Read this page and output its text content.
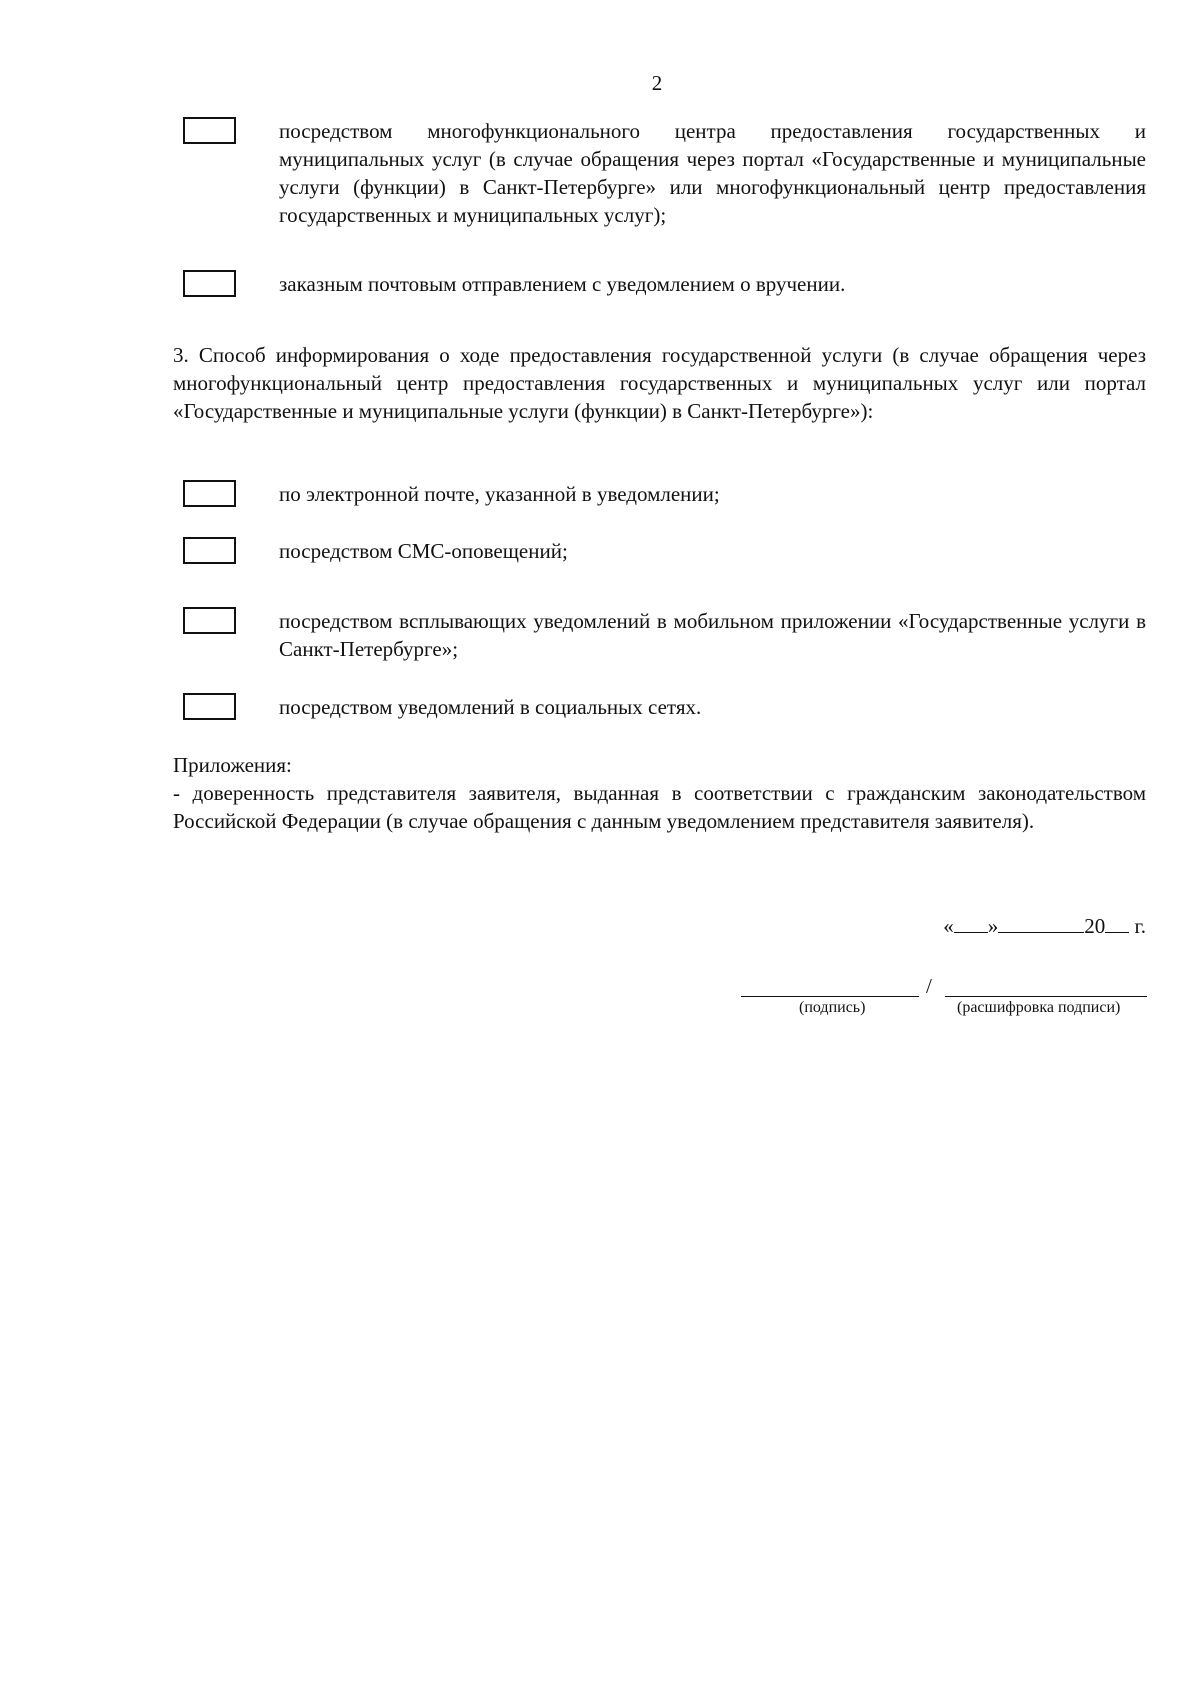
2
посредством многофункционального центра предоставления государственных и муниципальных услуг (в случае обращения через портал «Государственные и муниципальные услуги (функции) в Санкт-Петербурге» или многофункциональный центр предоставления государственных и муниципальных услуг);
заказным почтовым отправлением с уведомлением о вручении.
3. Способ информирования о ходе предоставления государственной услуги (в случае обращения через многофункциональный центр предоставления государственных и муниципальных услуг или портал «Государственные и муниципальные услуги (функции) в Санкт-Петербурге»):
по электронной почте, указанной в уведомлении;
посредством СМС-оповещений;
посредством всплывающих уведомлений в мобильном приложении «Государственные услуги в Санкт-Петербурге»;
посредством уведомлений в социальных сетях.
Приложения:
- доверенность представителя заявителя, выданная в соответствии с гражданским законодательством Российской Федерации (в случае обращения с данным уведомлением представителя заявителя).
« »	20 г.
/
(подпись)	(расшифровка подписи)
